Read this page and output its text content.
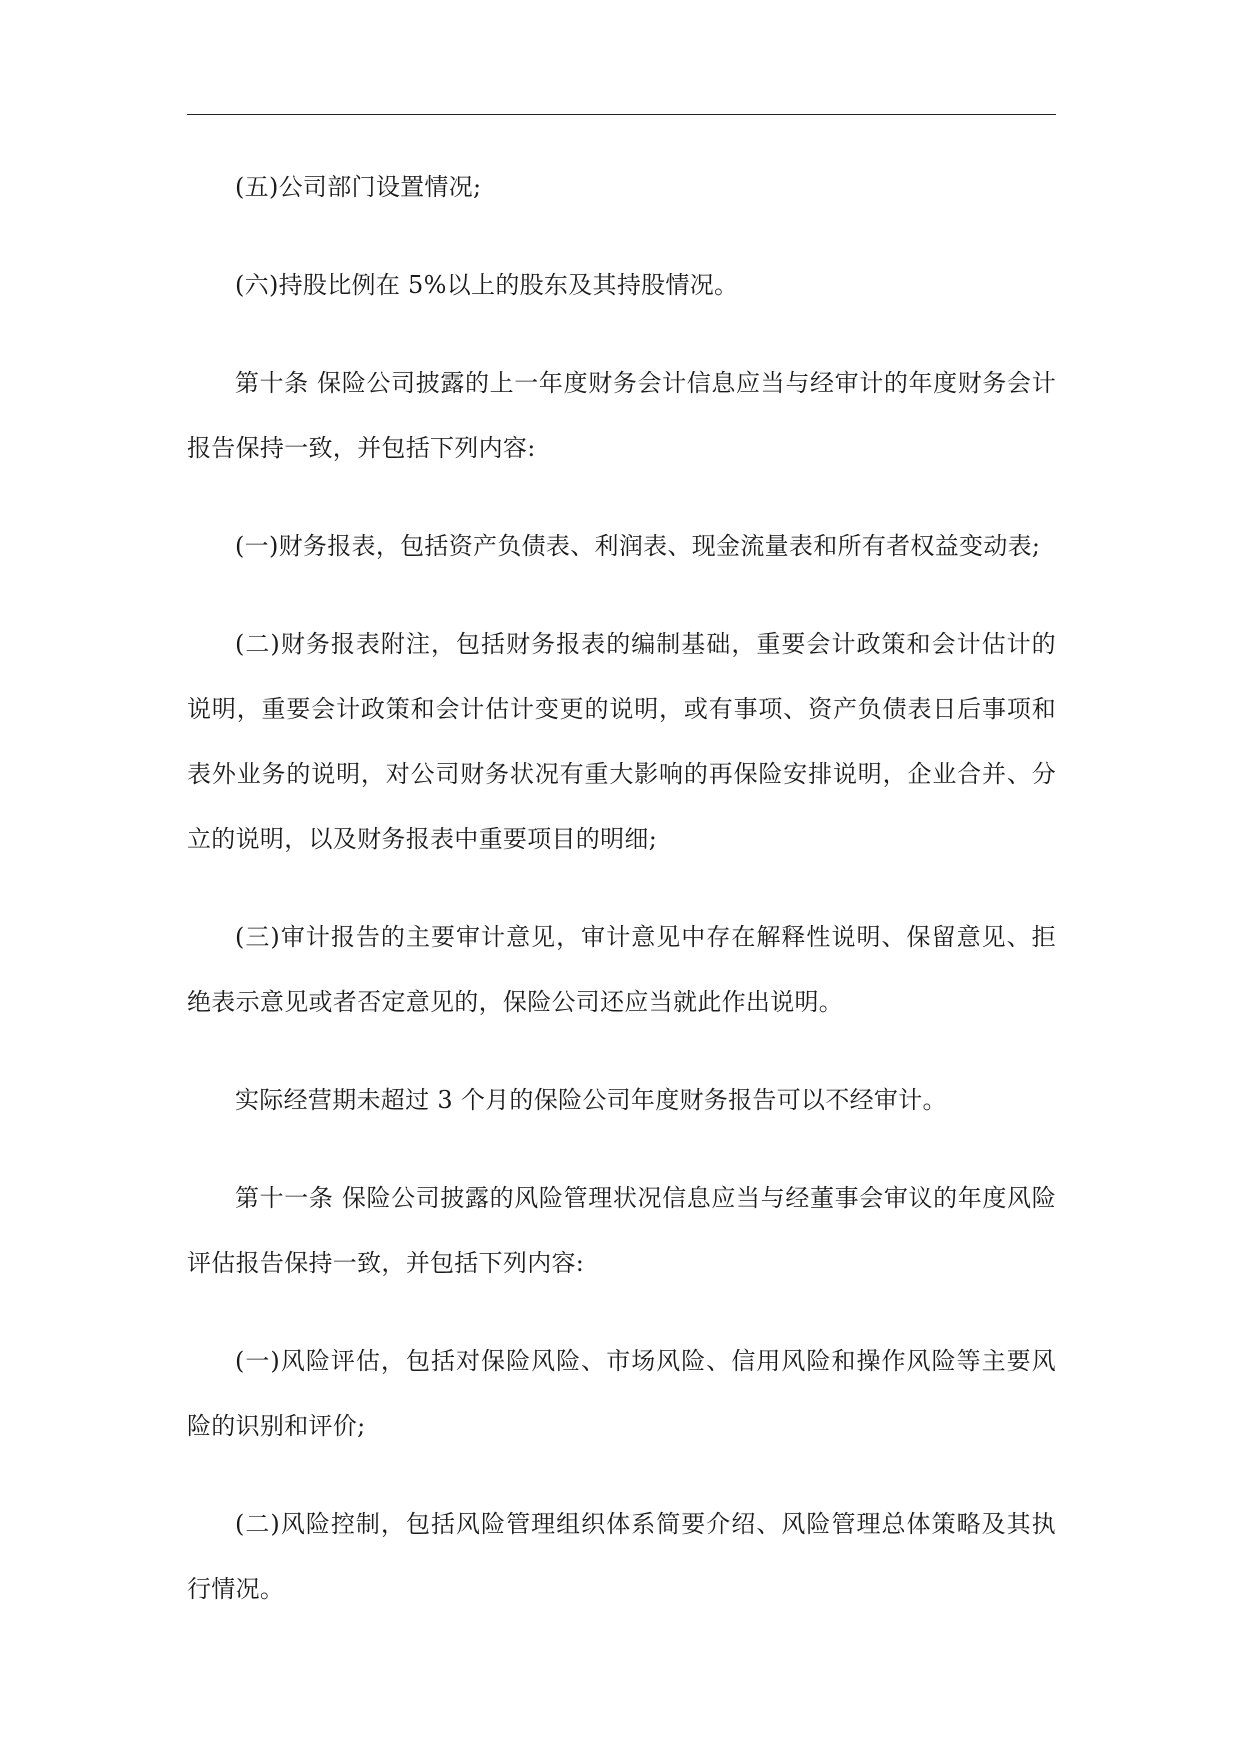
(五)公司部门设置情况;

(六)持股比例在 5%以上的股东及其持股情况。

第十条 保险公司披露的上一年度财务会计信息应当与经审计的年度财务会计报告保持一致，并包括下列内容:

(一)财务报表，包括资产负债表、利润表、现金流量表和所有者权益变动表;

(二)财务报表附注，包括财务报表的编制基础，重要会计政策和会计估计的说明，重要会计政策和会计估计变更的说明，或有事项、资产负债表日后事项和表外业务的说明，对公司财务状况有重大影响的再保险安排说明，企业合并、分立的说明，以及财务报表中重要项目的明细;

(三)审计报告的主要审计意见，审计意见中存在解释性说明、保留意见、拒绝表示意见或者否定意见的，保险公司还应当就此作出说明。

实际经营期未超过 3 个月的保险公司年度财务报告可以不经审计。

第十一条 保险公司披露的风险管理状况信息应当与经董事会审议的年度风险评估报告保持一致，并包括下列内容:

(一)风险评估，包括对保险风险、市场风险、信用风险和操作风险等主要风险的识别和评价;

(二)风险控制，包括风险管理组织体系简要介绍、风险管理总体策略及其执行情况。
